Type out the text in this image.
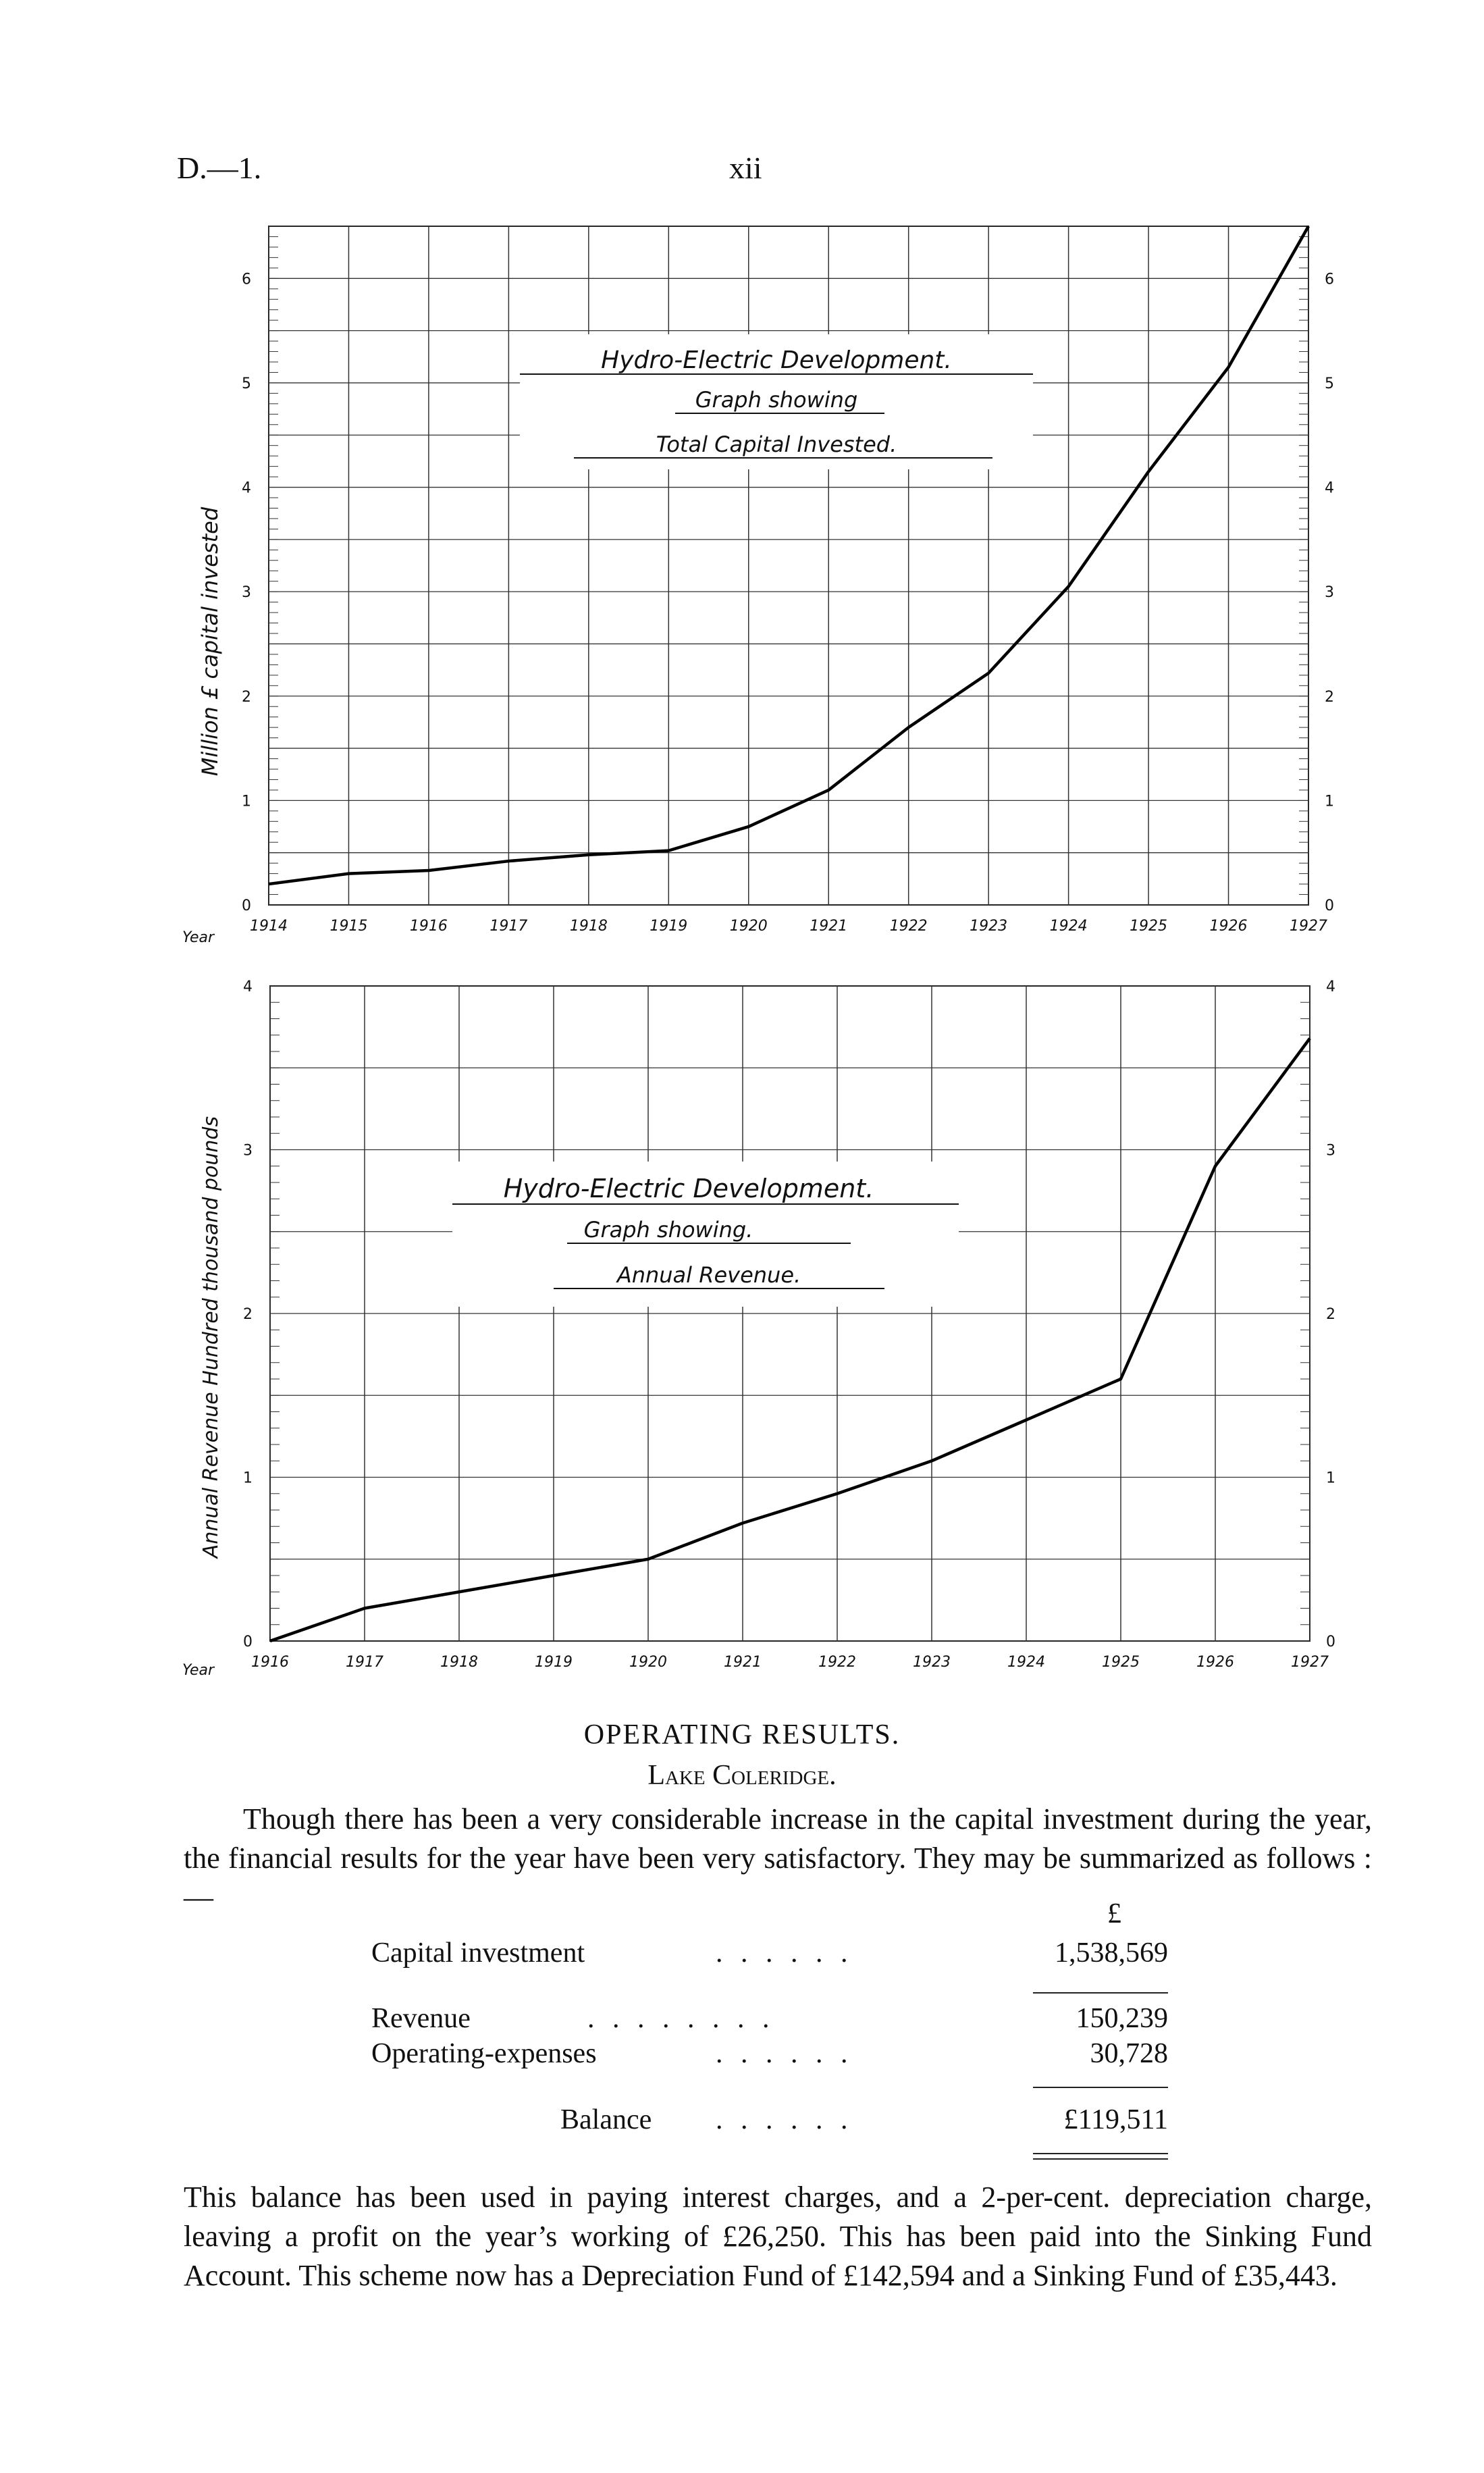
D.—1.	xii
1914	1915	1916	1917	1918	1919	1920	1921	1922	1923	1924	1925	1926	1927
0	0
1	1
2	2
3	3
4	4
5	5
6	6
Hydro-Electric Development.
Graph showing
Total Capital Invested.
Million £ capital invested
Year
1916	1917	1918	1919	1920	1921	1922	1923	1924	1925	1926	1927
0	0
1	1
2	2
3	3
4	4
Hydro-Electric Development.
Graph showing.
Annual Revenue.
Annual Revenue Hundred thousand pounds
Year
OPERATING RESULTS.
Lake Coleridge.
Though there has been a very considerable increase in the capital investment during the year, the financial results for the year have been very satisfactory. They may be summarized as follows :—	£
Capital investment	. . . . . .	1,538,569
Revenue	. . . . . . . .	150,239
Operating-expenses	. . . . . .	30,728
Balance . . . . . .	£119,511
This balance has been used in paying interest charges, and a 2-per-cent. depreciation charge, leaving a profit on the year’s working of £26,250. This has been paid into the Sinking Fund Account. This scheme now has a Depreciation Fund of £142,594 and a Sinking Fund of £35,443.
